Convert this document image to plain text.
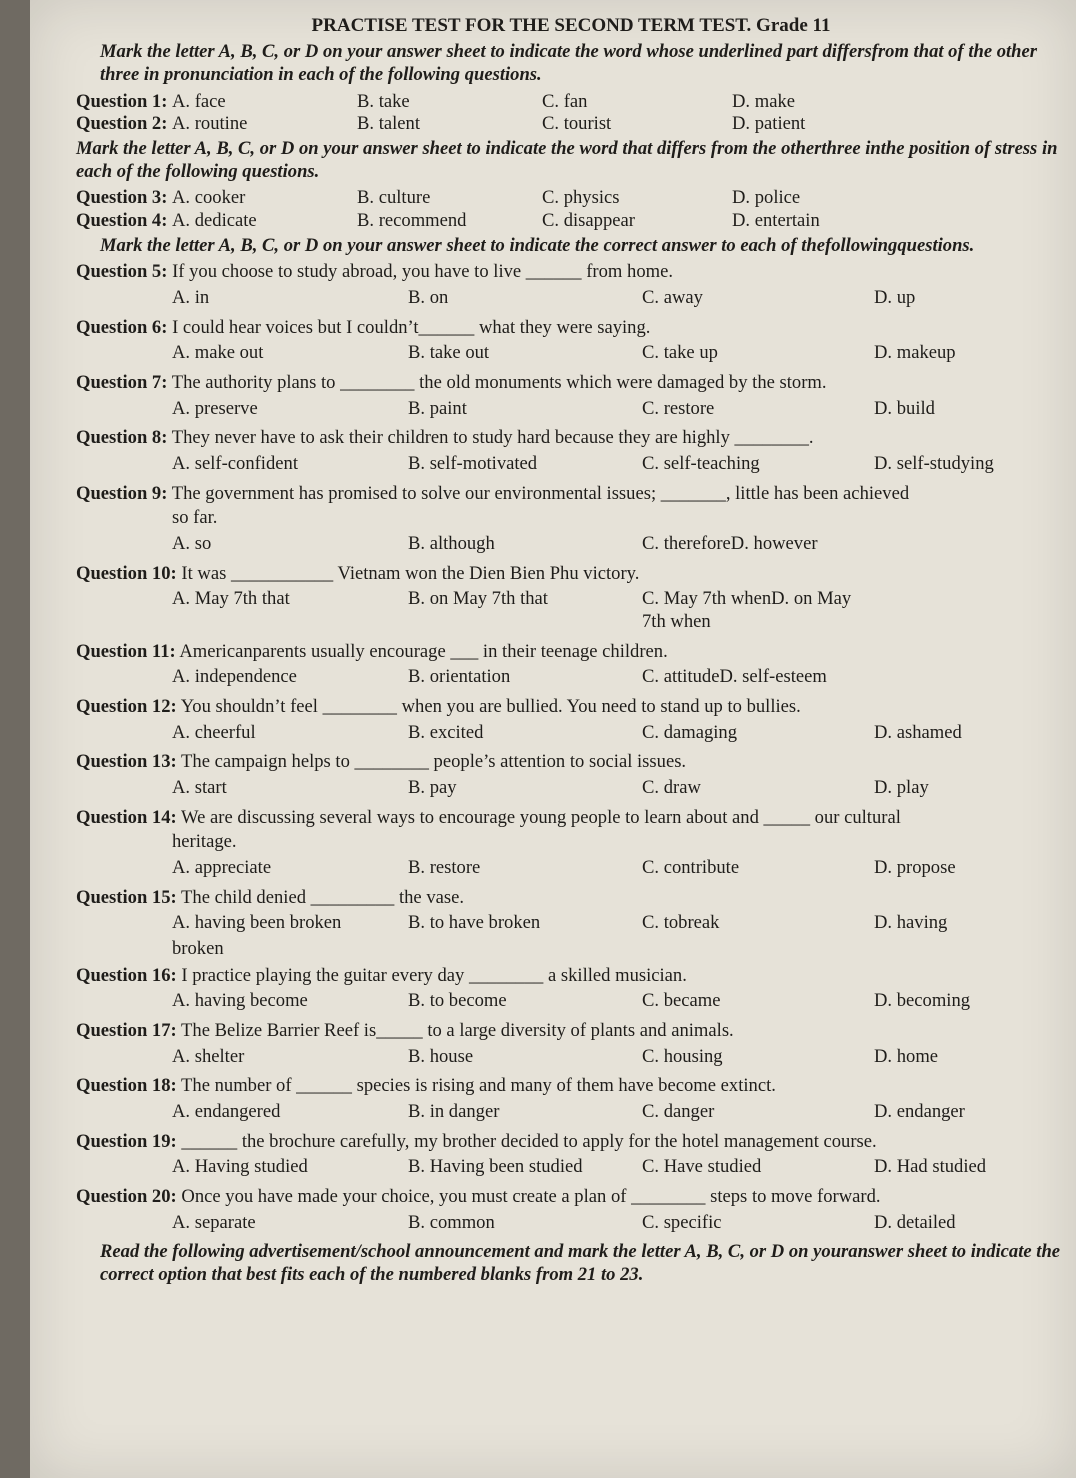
PRACTISE TEST FOR THE SECOND TERM TEST. Grade 11
Mark the letter A, B, C, or D on your answer sheet to indicate the word whose underlined part differsfrom that of the other three in pronunciation in each of the following questions.
Question 1: A. face	B. take	C. fan	D. make
Question 2: A. routine	B. talent	C. tourist	D. patient
Mark the letter A, B, C, or D on your answer sheet to indicate the word that differs from the otherthree inthe position of stress in each of the following questions.
Question 3: A. cooker	B. culture	C. physics	D. police
Question 4: A. dedicate	B. recommend	C. disappear	D. entertain
Mark the letter A, B, C, or D on your answer sheet to indicate the correct answer to each of thefollowingquestions.
Question 5: If you choose to study abroad, you have to live ______ from home.
A. in	B. on	C. away	D. up
Question 6: I could hear voices but I couldn’t______ what they were saying.
A. make out	B. take out	C. take up	D. makeup
Question 7: The authority plans to ________ the old monuments which were damaged by the storm.
A. preserve	B. paint	C. restore	D. build
Question 8: They never have to ask their children to study hard because they are highly ________.
A. self-confident	B. self-motivated	C. self-teaching	D. self-studying
Question 9: The government has promised to solve our environmental issues; _______, little has been achieved
so far.
A. so	B. although	C. thereforeD. however
Question 10: It was ___________ Vietnam won the Dien Bien Phu victory.
A. May 7th that	B. on May 7th that	C. May 7th whenD. on May 7th when
Question 11: Americanparents usually encourage ___ in their teenage children.
A. independence	B. orientation	C. attitudeD. self-esteem
Question 12: You shouldn’t feel ________ when you are bullied. You need to stand up to bullies.
A. cheerful	B. excited	C. damaging	D. ashamed
Question 13: The campaign helps to ________ people’s attention to social issues.
A. start	B. pay	C. draw	D. play
Question 14: We are discussing several ways to encourage young people to learn about and _____ our cultural
heritage.
A. appreciate	B. restore	C. contribute	D. propose
Question 15: The child denied _________ the vase.
A. having been broken	B. to have broken	C. tobreak	D. having
broken
Question 16: I practice playing the guitar every day ________ a skilled musician.
A. having become	B. to become	C. became	D. becoming
Question 17: The Belize Barrier Reef is_____ to a large diversity of plants and animals.
A. shelter	B. house	C. housing	D. home
Question 18: The number of ______ species is rising and many of them have become extinct.
A. endangered	B. in danger	C. danger	D. endanger
Question 19: ______ the brochure carefully, my brother decided to apply for the hotel management course.
A. Having studied	B. Having been studied	C. Have studied	D. Had studied
Question 20: Once you have made your choice, you must create a plan of ________ steps to move forward.
A. separate	B. common	C. specific	D. detailed
Read the following advertisement/school announcement and mark the letter A, B, C, or D on youranswer sheet to indicate the correct option that best fits each of the numbered blanks from 21 to 23.
